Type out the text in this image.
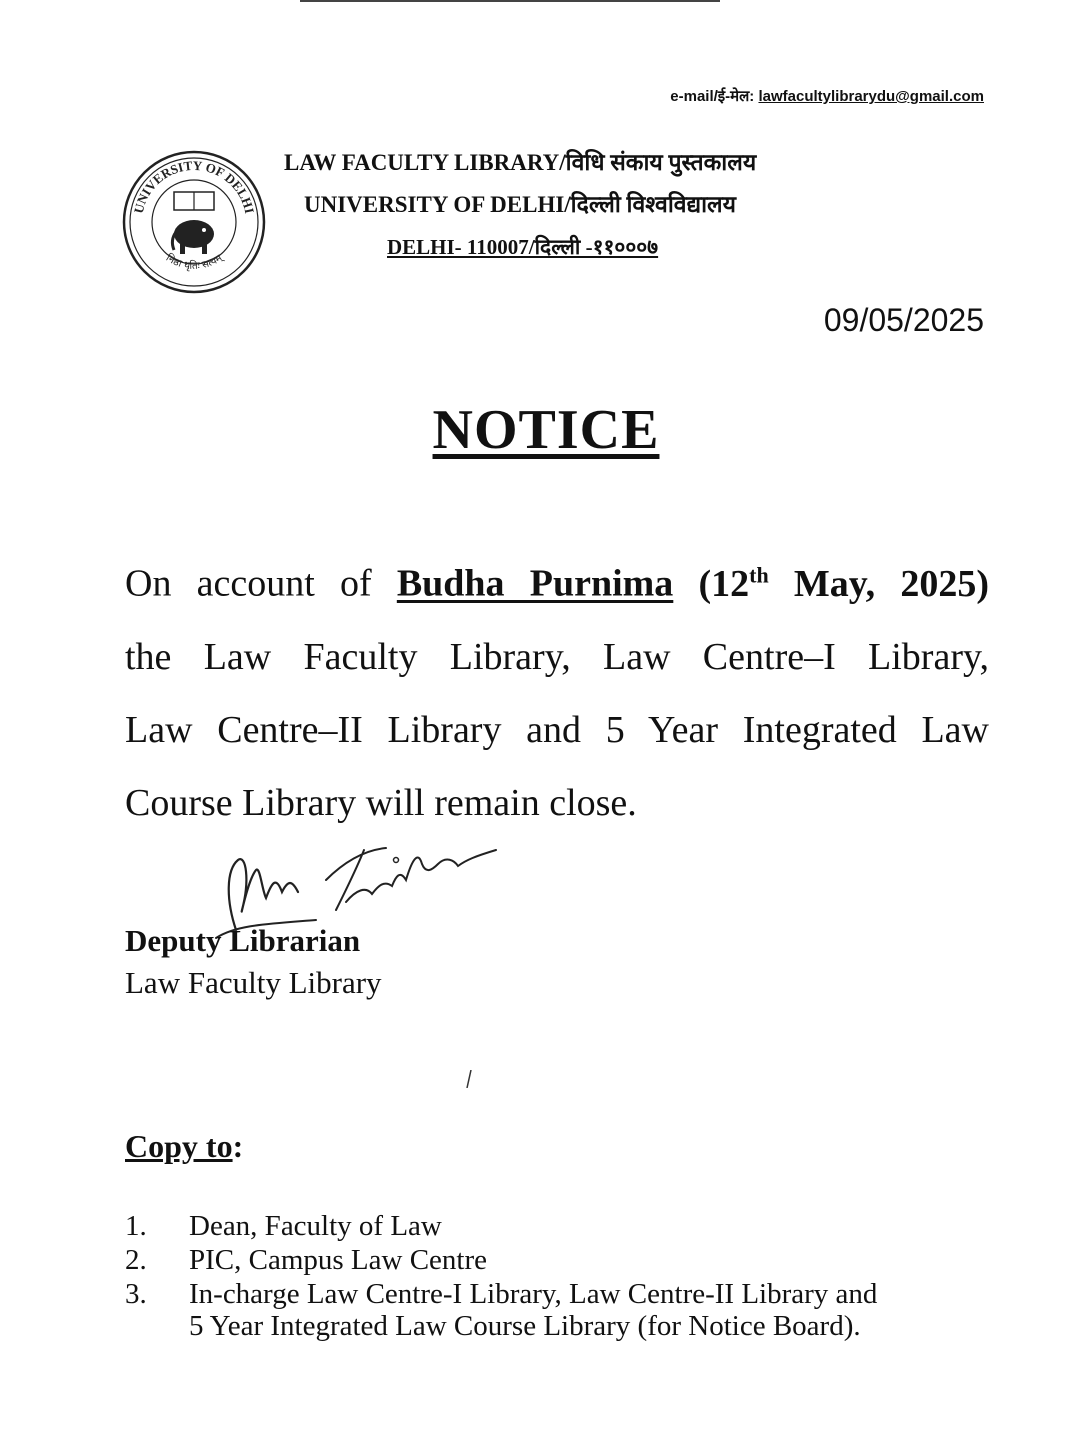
e-mail/ई-मेल: lawfacultylibrarydu@gmail.com
UNIVERSITY OF DELHI
निष्ठा धृतिः सत्यम्
LAW FACULTY LIBRARY/विधि संकाय पुस्तकालय
UNIVERSITY OF DELHI/दिल्ली विश्वविद्यालय
DELHI- 110007/दिल्ली -११०००७
09/05/2025
NOTICE
On account of Budha Purnima (12th May, 2025)
the Law Faculty Library, Law Centre–I Library,
Law Centre–II Library and 5 Year Integrated Law
Course Library will remain close.
Deputy Librarian
Law Faculty Library
Copy to:
1.	Dean, Faculty of Law
2.	PIC, Campus Law Centre
3.	In-charge Law Centre-I Library, Law Centre-II Library and
5 Year Integrated Law Course Library (for Notice Board).
